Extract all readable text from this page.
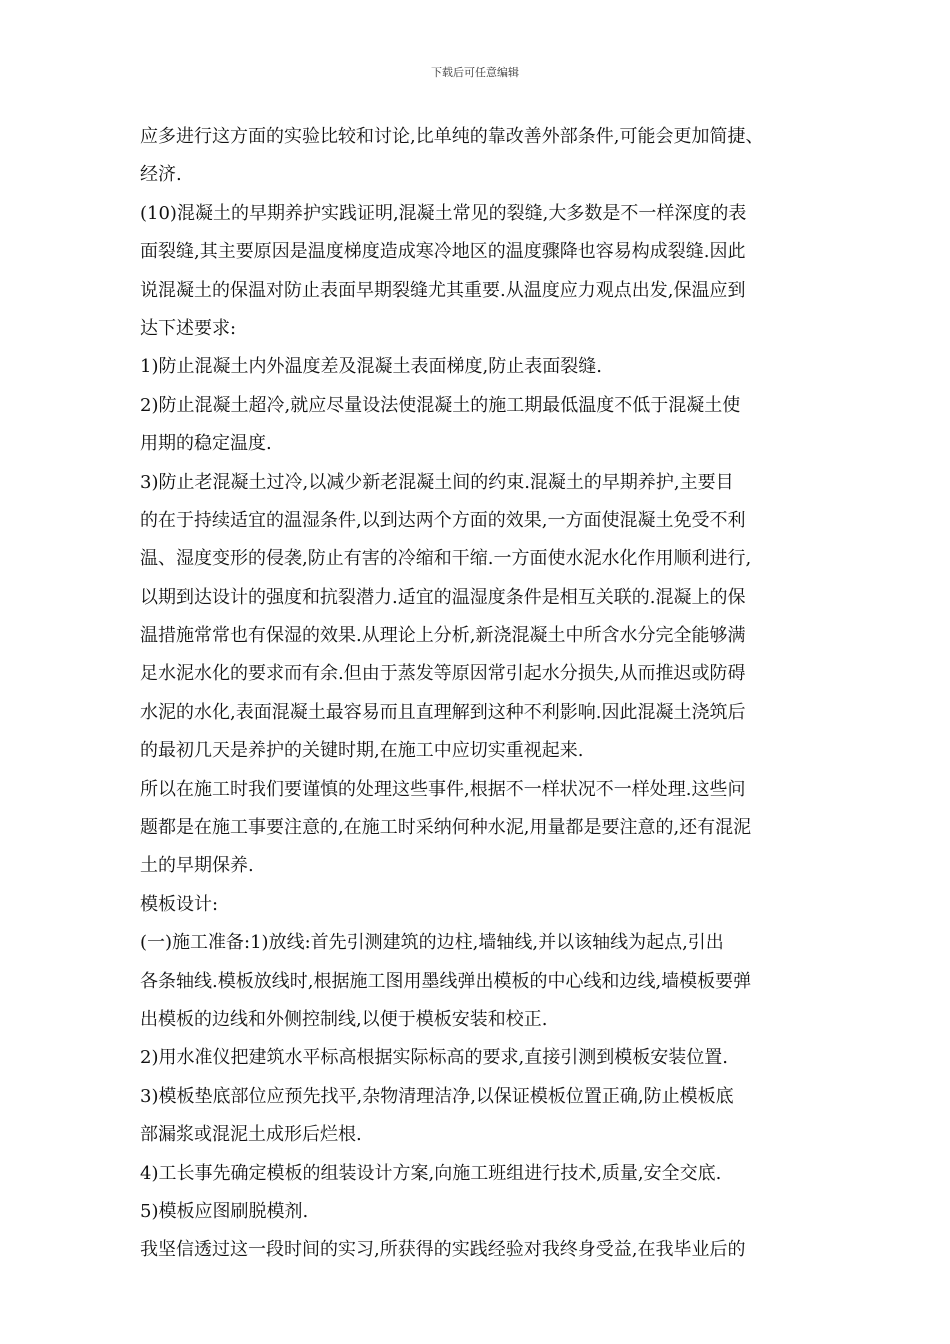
下载后可任意编辑
应多进行这方面的实验比较和讨论,比单纯的靠改善外部条件,可能会更加简捷、
经济.
(10)混凝土的早期养护实践证明,混凝土常见的裂缝,大多数是不一样深度的表
面裂缝,其主要原因是温度梯度造成寒冷地区的温度骤降也容易构成裂缝.因此
说混凝土的保温对防止表面早期裂缝尤其重要.从温度应力观点出发,保温应到
达下述要求:
1)防止混凝土内外温度差及混凝土表面梯度,防止表面裂缝.
2)防止混凝土超冷,就应尽量设法使混凝土的施工期最低温度不低于混凝土使
用期的稳定温度.
3)防止老混凝土过冷,以减少新老混凝土间的约束.混凝土的早期养护,主要目
的在于持续适宜的温湿条件,以到达两个方面的效果,一方面使混凝土免受不利
温、湿度变形的侵袭,防止有害的冷缩和干缩.一方面使水泥水化作用顺利进行,
以期到达设计的强度和抗裂潜力.适宜的温湿度条件是相互关联的.混凝上的保
温措施常常也有保湿的效果.从理论上分析,新浇混凝土中所含水分完全能够满
足水泥水化的要求而有余.但由于蒸发等原因常引起水分损失,从而推迟或防碍
水泥的水化,表面混凝土最容易而且直理解到这种不利影响.因此混凝土浇筑后
的最初几天是养护的关键时期,在施工中应切实重视起来.
所以在施工时我们要谨慎的处理这些事件,根据不一样状况不一样处理.这些问
题都是在施工事要注意的,在施工时采纳何种水泥,用量都是要注意的,还有混泥
土的早期保养.
模板设计:
(一)施工准备:1)放线:首先引测建筑的边柱,墙轴线,并以该轴线为起点,引出
各条轴线.模板放线时,根据施工图用墨线弹出模板的中心线和边线,墙模板要弹
出模板的边线和外侧控制线,以便于模板安装和校正.
2)用水准仪把建筑水平标高根据实际标高的要求,直接引测到模板安装位置.
3)模板垫底部位应预先找平,杂物清理洁净,以保证模板位置正确,防止模板底
部漏浆或混泥土成形后烂根.
4)工长事先确定模板的组装设计方案,向施工班组进行技术,质量,安全交底.
5)模板应图刷脱模剂.
我坚信透过这一段时间的实习,所获得的实践经验对我终身受益,在我毕业后的
